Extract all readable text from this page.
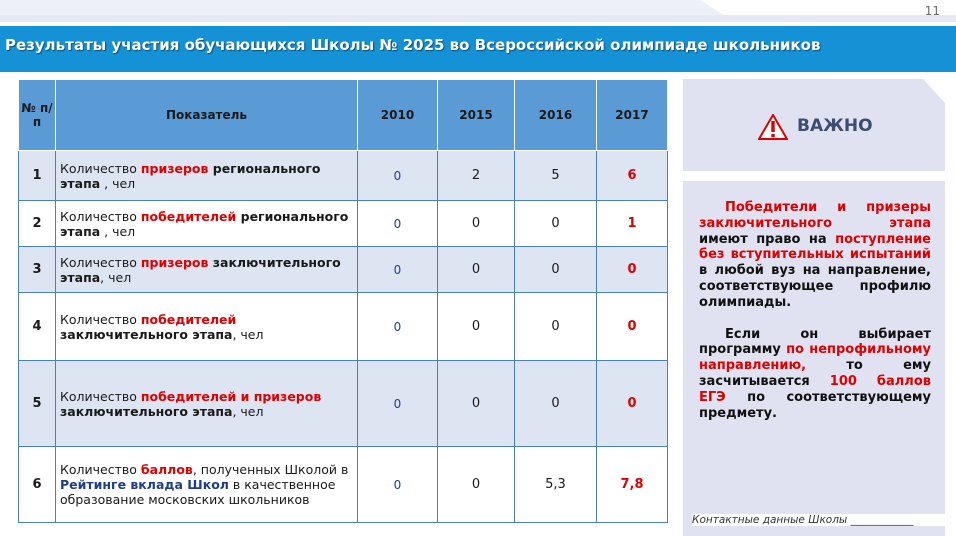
11
Результаты участия обучающихся Школы № 2025 во Всероссийской олимпиаде школьников
№ п/п	Показатель	2010	2015	2016	2017
1	Количество призеров регионального этапа , чел	0	2	5	6
2	Количество победителей регионального этапа , чел	0	0	0	1
3	Количество призеров заключительного этапа, чел	0	0	0	0
4	Количество победителей заключительного этапа, чел	0	0	0	0
5	Количество победителей и призеров заключительного этапа, чел	0	0	0	0
6	Количество баллов, полученных Школой в Рейтинге вклада Школ в качественное образование московских школьников	0	0	5,3	7,8
ВАЖНО

Победители и призеры заключительного этапа имеют право на поступление без вступительных испытаний в любой вуз на направление, соответствующее профилю олимпиады.

Если он выбирает программу по непрофильному направлению, то ему засчитывается 100 баллов ЕГЭ по соответствующему предмету.

Контактные данные Школы ____________
